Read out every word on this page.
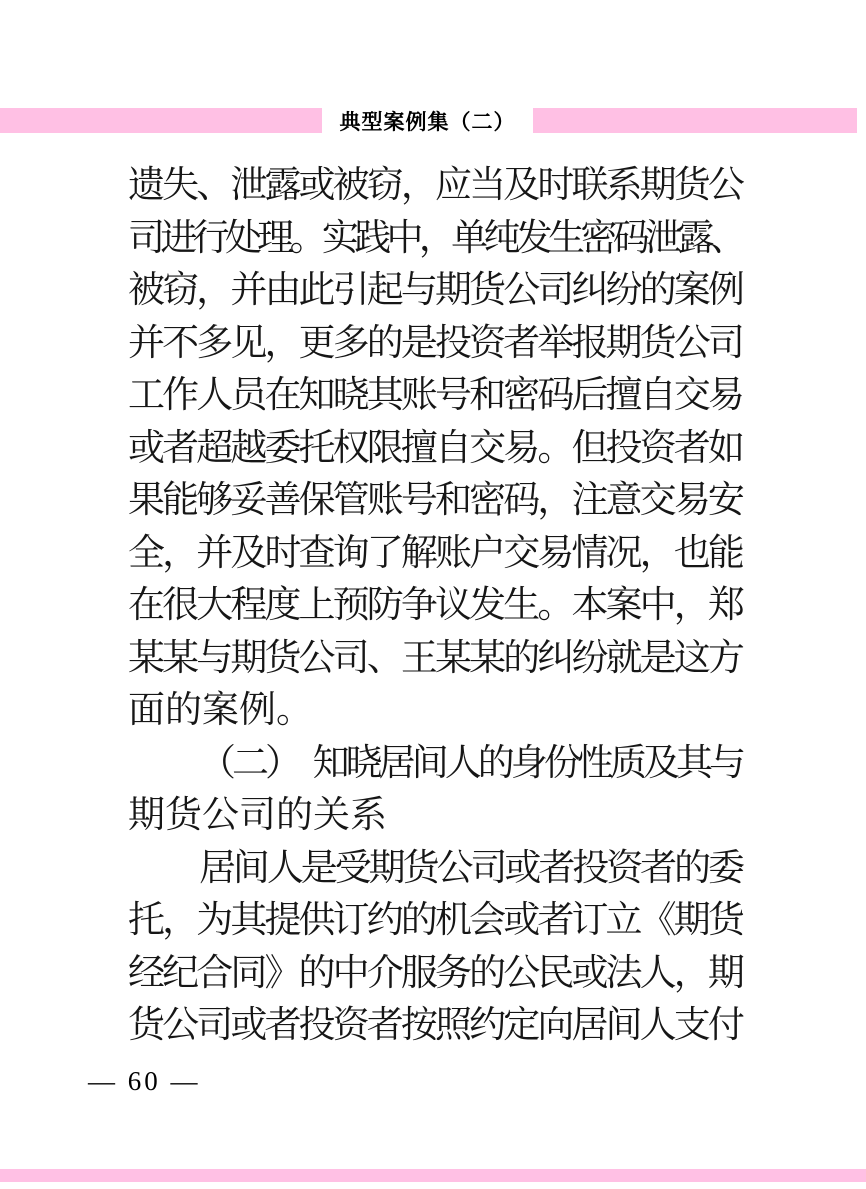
典型案例集（二）
遗失、泄露或被窃，应当及时联系期货公
司进行处理。实践中，单纯发生密码泄露、
被窃，并由此引起与期货公司纠纷的案例
并不多见，更多的是投资者举报期货公司
工作人员在知晓其账号和密码后擅自交易
或者超越委托权限擅自交易。但投资者如
果能够妥善保管账号和密码，注意交易安
全，并及时查询了解账户交易情况，也能
在很大程度上预防争议发生。本案中，郑
某某与期货公司、王某某的纠纷就是这方
面的案例。
（二）　知晓居间人的身份性质及其与
期货公司的关系
居间人是受期货公司或者投资者的委
托，为其提供订约的机会或者订立《期货
经纪合同》的中介服务的公民或法人，期
货公司或者投资者按照约定向居间人支付
— 60 —
